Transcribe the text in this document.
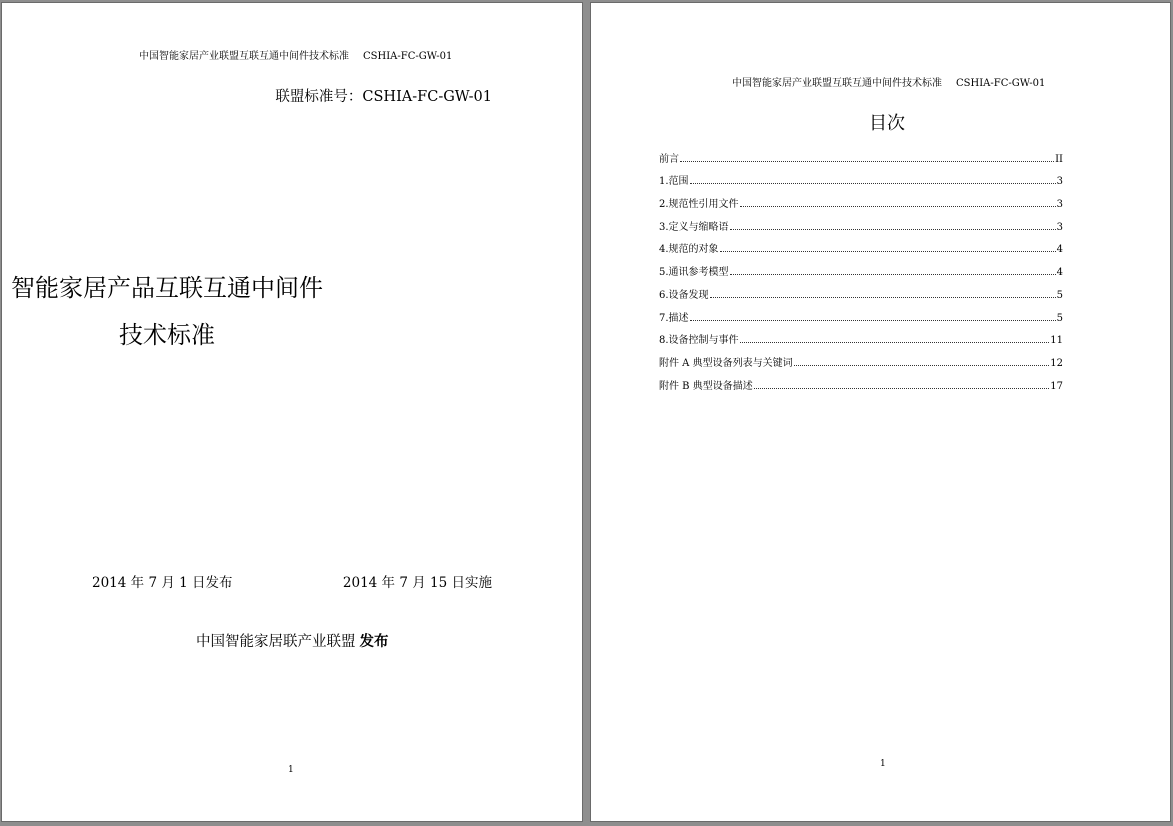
中国智能家居产业联盟互联互通中间件技术标准 CSHIA-FC-GW-01
联盟标准号：CSHIA-FC-GW-01
智能家居产品互联互通中间件
技术标准
2014 年 7 月 1 日发布	2014 年 7 月 15 日实施
中国智能家居联产业联盟 发布
1
中国智能家居产业联盟互联互通中间件技术标准 CSHIA-FC-GW-01
目次
前言	II
1.范围	3
2.规范性引用文件	3
3.定义与缩略语	3
4.规范的对象	4
5.通讯参考模型	4
6.设备发现	5
7.描述	5
8.设备控制与事件	11
附件 A 典型设备列表与关键词	12
附件 B 典型设备描述	17
1
